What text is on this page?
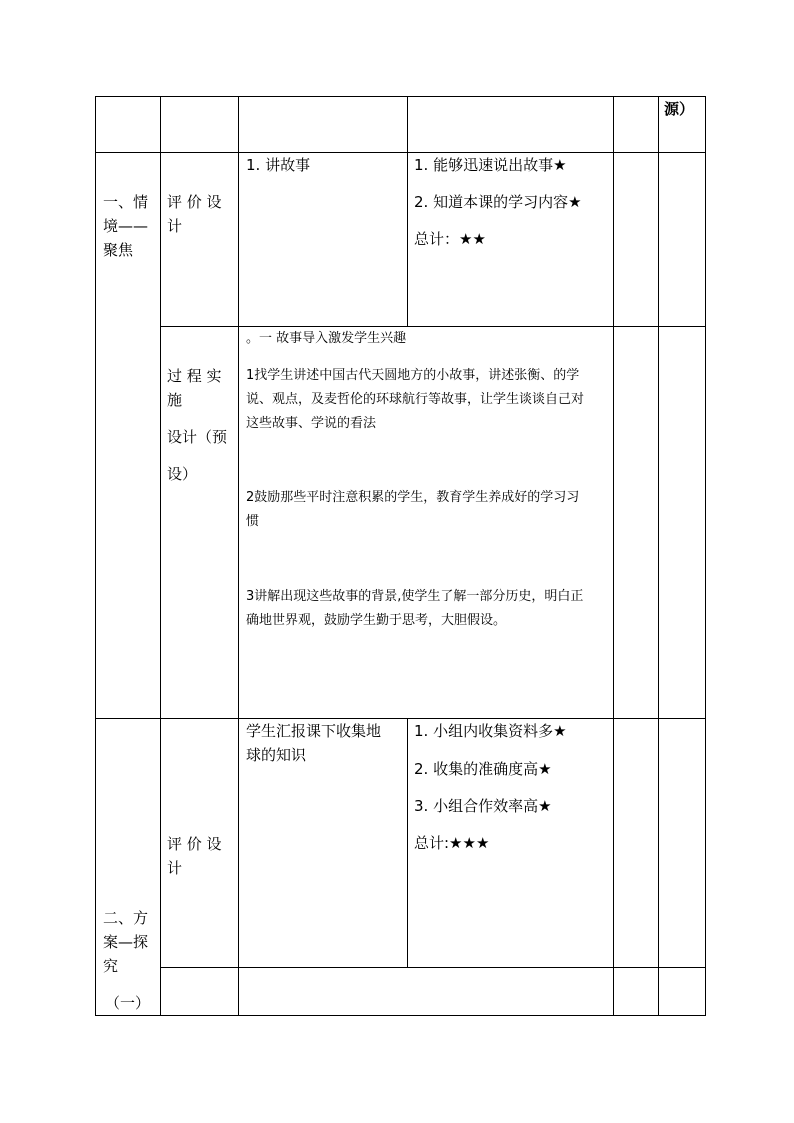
源）
一、情
境——
聚焦
评 价 设
计
1. 讲故事	1. 能够迅速说出故事★
2. 知道本课的学习内容★
总计：★★
过 程 实
施
设计（预
设）
。一 故事导入激发学生兴趣
1找学生讲述中国古代天圆地方的小故事，讲述张衡、的学
说、观点，及麦哲伦的环球航行等故事，让学生谈谈自己对
这些故事、学说的看法
2鼓励那些平时注意积累的学生，教育学生养成好的学习习
惯
3讲解出现这些故事的背景,使学生了解一部分历史，明白正
确地世界观，鼓励学生勤于思考，大胆假设。
二、方
案—探
究
（一）
评 价 设
计
学生汇报课下收集地
球的知识
1. 小组内收集资料多★
2. 收集的准确度高★
3. 小组合作效率高★
总计:★★★
